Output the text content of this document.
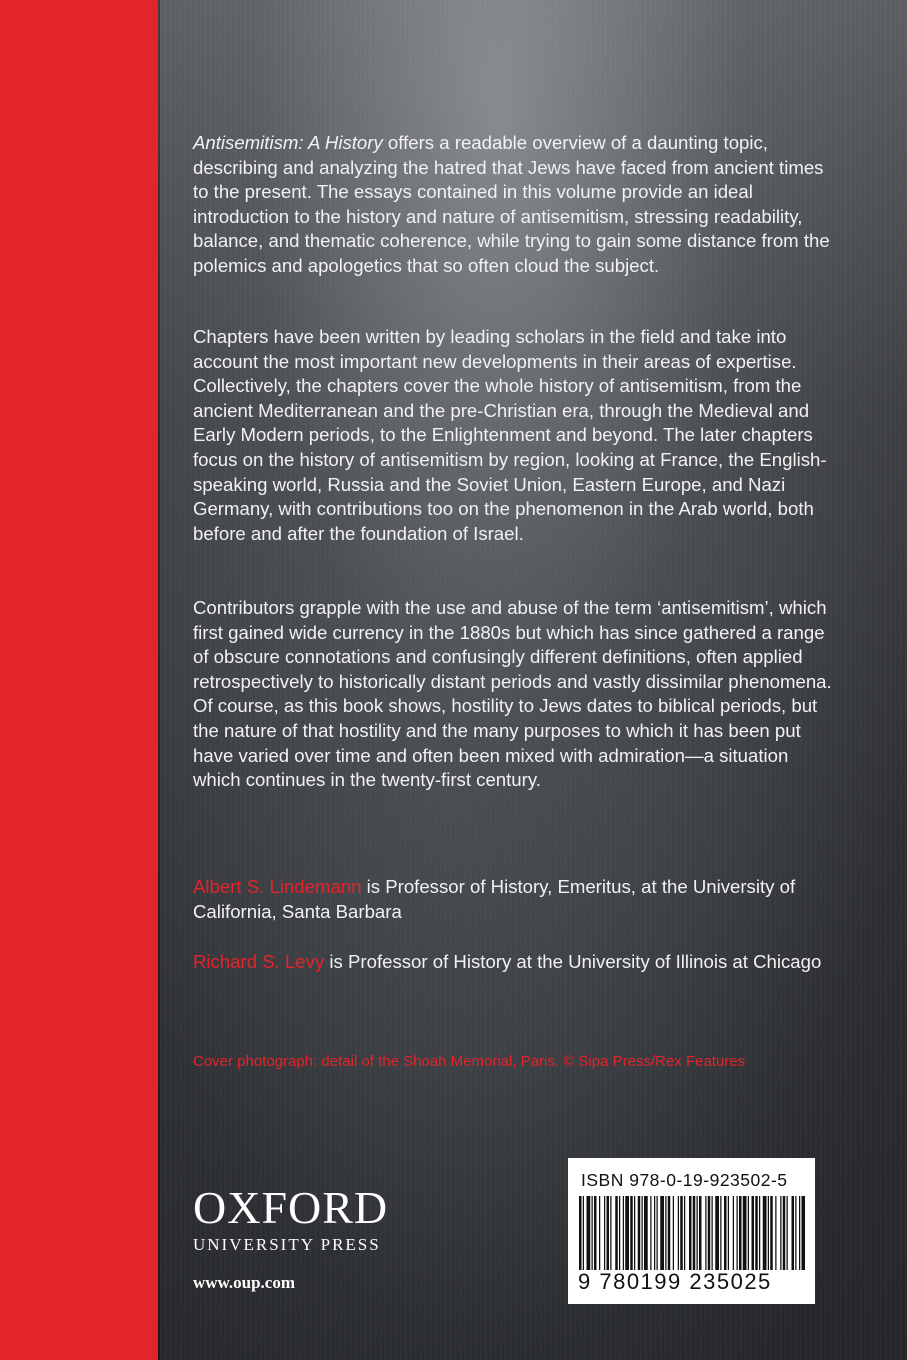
Antisemitism: A History offers a readable overview of a daunting topic, describing and analyzing the hatred that Jews have faced from ancient times to the present. The essays contained in this volume provide an ideal introduction to the history and nature of antisemitism, stressing readability, balance, and thematic coherence, while trying to gain some distance from the polemics and apologetics that so often cloud the subject.

Chapters have been written by leading scholars in the field and take into account the most important new developments in their areas of expertise. Collectively, the chapters cover the whole history of antisemitism, from the ancient Mediterranean and the pre-Christian era, through the Medieval and Early Modern periods, to the Enlightenment and beyond. The later chapters focus on the history of antisemitism by region, looking at France, the English-speaking world, Russia and the Soviet Union, Eastern Europe, and Nazi Germany, with contributions too on the phenomenon in the Arab world, both before and after the foundation of Israel.

Contributors grapple with the use and abuse of the term ‘antisemitism’, which first gained wide currency in the 1880s but which has since gathered a range of obscure connotations and confusingly different definitions, often applied retrospectively to historically distant periods and vastly dissimilar phenomena. Of course, as this book shows, hostility to Jews dates to biblical periods, but the nature of that hostility and the many purposes to which it has been put have varied over time and often been mixed with admiration—a situation which continues in the twenty-first century.

Albert S. Lindemann is Professor of History, Emeritus, at the University of California, Santa Barbara

Richard S. Levy is Professor of History at the University of Illinois at Chicago

Cover photograph: detail of the Shoah Memorial, Paris. © Sipa Press/Rex Features
OXFORD
UNIVERSITY PRESS
www.oup.com
ISBN 978-0-19-923502-5
9 780199 235025
